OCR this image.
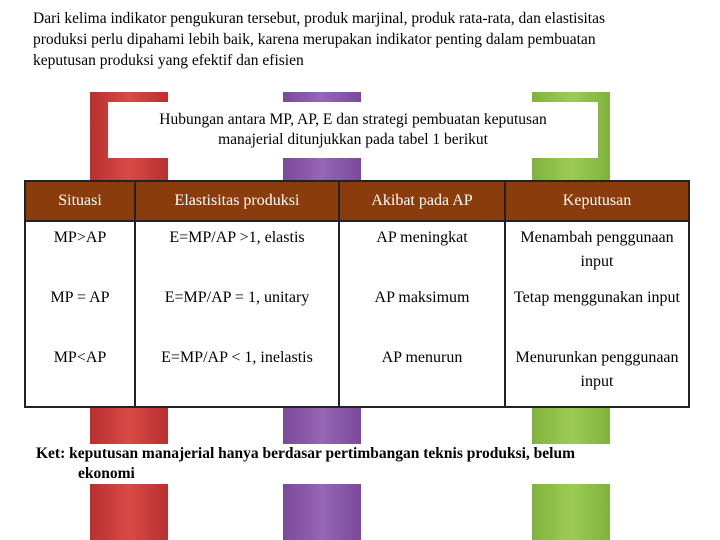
Dari kelima indikator pengukuran tersebut, produk marjinal, produk rata-rata, dan elastisitas
produksi perlu dipahami lebih baik, karena merupakan indikator penting dalam pembuatan
keputusan produksi yang efektif dan efisien
Hubungan antara MP, AP, E dan strategi pembuatan keputusan
manajerial ditunjukkan pada tabel 1 berikut
Situasi	Elastisitas produksi	Akibat pada AP	Keputusan
MP>AP	E=MP/AP >1, elastis	AP meningkat	Menambah penggunaan input
MP = AP	E=MP/AP = 1, unitary	AP maksimum	Tetap menggunakan input
MP<AP	E=MP/AP < 1, inelastis	AP menurun	Menurunkan penggunaan input
Ket: keputusan manajerial hanya berdasar pertimbangan teknis produksi, belum
ekonomi
